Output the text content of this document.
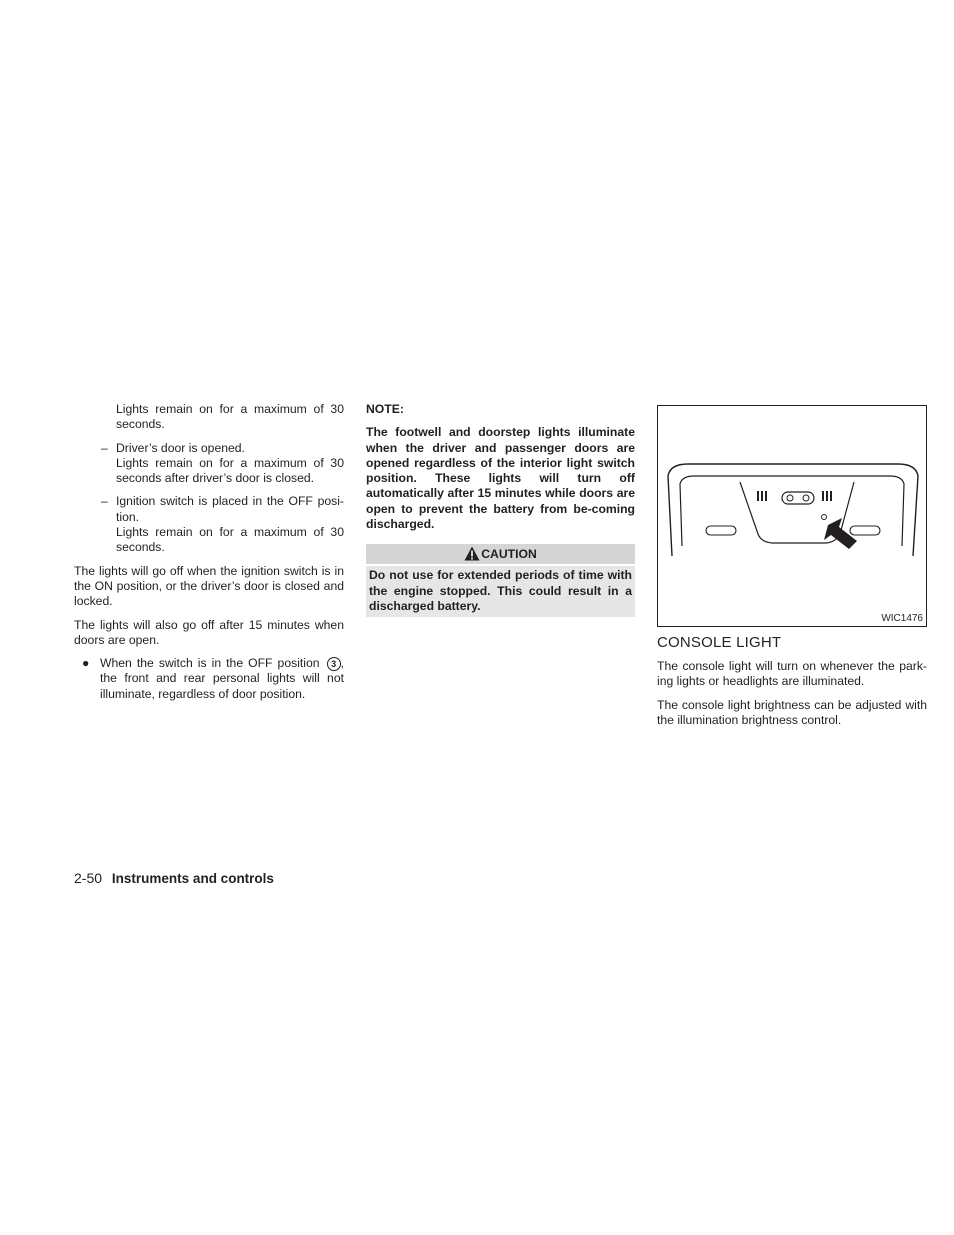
Lights remain on for a maximum of 30 seconds.

– Driver’s door is opened.

Lights remain on for a maximum of 30 seconds after driver’s door is closed.

– Ignition switch is placed in the OFF posi-tion.

Lights remain on for a maximum of 30 seconds.

The lights will go off when the ignition switch is in the ON position, or the driver’s door is closed and locked.

The lights will also go off after 15 minutes when doors are open.

● When the switch is in the OFF position 3 , the front and rear personal lights will not illuminate, regardless of door position.

NOTE:

The footwell and doorstep lights illuminate when the driver and passenger doors are opened regardless of the interior light switch position. These lights will turn off automatically after 15 minutes while doors are open to prevent the battery from be-coming discharged.

CAUTION
Do not use for extended periods of time with the engine stopped. This could result in a discharged battery.
WIC1476
CONSOLE LIGHT

The console light will turn on whenever the park-ing lights or headlights are illuminated.

The console light brightness can be adjusted with the illumination brightness control.

2-50 Instruments and controls
